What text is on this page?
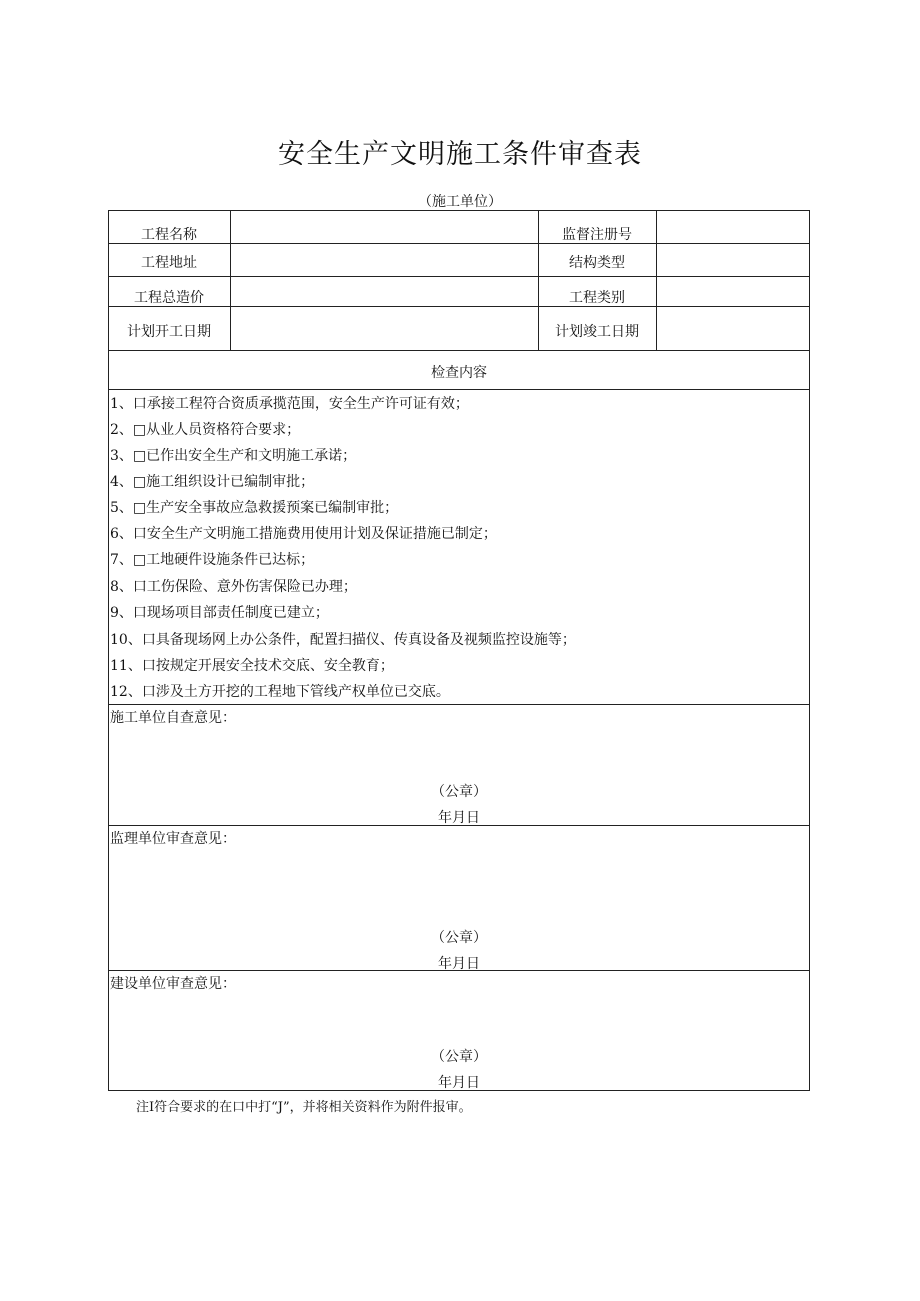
安全生产文明施工条件审查表
（施工单位）
工程名称	监督注册号
工程地址	结构类型
工程总造价	工程类别
计划开工日期	计划竣工日期
检查内容
1、口承接工程符合资质承揽范围，安全生产许可证有效；
2、□从业人员资格符合要求；
3、□已作出安全生产和文明施工承诺；
4、□施工组织设计已编制审批；
5、□生产安全事故应急救援预案已编制审批；
6、口安全生产文明施工措施费用使用计划及保证措施已制定；
7、□工地硬件设施条件已达标；
8、口工伤保险、意外伤害保险已办理；
9、口现场项目部责任制度已建立；
10、口具备现场网上办公条件，配置扫描仪、传真设备及视频监控设施等；
11、口按规定开展安全技术交底、安全教育；
12、口涉及土方开挖的工程地下管线产权单位已交底。
施工单位自查意见：
（公章）
年月日
监理单位审查意见：
（公章）
年月日
建设单位审查意见：
（公章）
年月日
注I符合要求的在口中打“J”，并将相关资料作为附件报审。
